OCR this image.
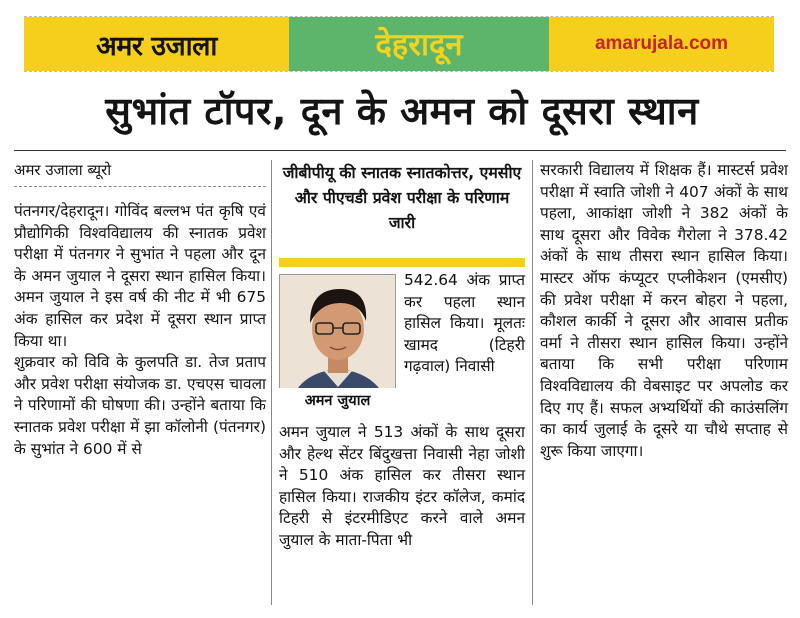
अमर उजाला	देहरादून	amarujala.com
सुभांत टॉपर, दून के अमन को दूसरा स्थान
अमर उजाला ब्यूरो

पंतनगर/देहरादून। गोविंद बल्लभ पंत कृषि एवं प्रौद्योगिकी विश्वविद्यालय की स्नातक प्रवेश परीक्षा में पंतनगर ने सुभांत ने पहला और दून के अमन जुयाल ने दूसरा स्थान हासिल किया। अमन जुयाल ने इस वर्ष की नीट में भी 675 अंक हासिल कर प्रदेश में दूसरा स्थान प्राप्त किया था।

शुक्रवार को विवि के कुलपति डा. तेज प्रताप और प्रवेश परीक्षा संयोजक डा. एचएस चावला ने परिणामों की घोषणा की। उन्होंने बताया कि स्नातक प्रवेश परीक्षा में झा कॉलोनी (पंतनगर) के सुभांत ने 600 में से

जीबीपीयू की स्नातक स्नातकोत्तर, एमसीए और पीएचडी प्रवेश परीक्षा के परिणाम जारी
अमन जुयाल
542.64 अंक प्राप्त कर पहला स्थान हासिल किया। मूलतः खामद (टिहरी गढ़वाल) निवासी
अमन जुयाल ने 513 अंकों के साथ दूसरा और हेल्थ सेंटर बिंदुखत्ता निवासी नेहा जोशी ने 510 अंक हासिल कर तीसरा स्थान हासिल किया। राजकीय इंटर कॉलेज, कमांद टिहरी से इंटरमीडिएट करने वाले अमन जुयाल के माता-पिता भी

सरकारी विद्यालय में शिक्षक हैं। मास्टर्स प्रवेश परीक्षा में स्वाति जोशी ने 407 अंकों के साथ पहला, आकांक्षा जोशी ने 382 अंकों के साथ दूसरा और विवेक गैरोला ने 378.42 अंकों के साथ तीसरा स्थान हासिल किया। मास्टर ऑफ कंप्यूटर एप्लीकेशन (एमसीए) की प्रवेश परीक्षा में करन बोहरा ने पहला, कौशल कार्की ने दूसरा और आवास प्रतीक वर्मा ने तीसरा स्थान हासिल किया। उन्होंने बताया कि सभी परीक्षा परिणाम विश्वविद्यालय की वेबसाइट पर अपलोड कर दिए गए हैं। सफल अभ्यर्थियों की काउंसलिंग का कार्य जुलाई के दूसरे या चौथे सप्ताह से शुरू किया जाएगा।
